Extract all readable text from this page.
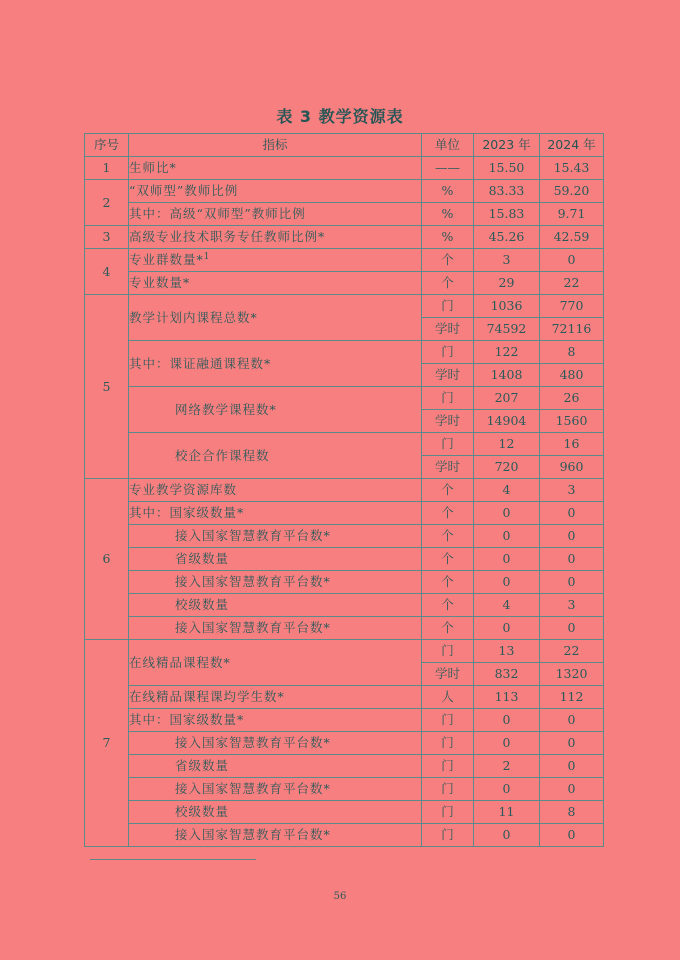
表 3 教学资源表
序号	指标	单位	2023 年	2024 年
1	生师比*	——	15.50	15.43
2	“双师型”教师比例	%	83.33	59.20
	其中：高级“双师型”教师比例	%	15.83	9.71
3	高级专业技术职务专任教师比例*	%	45.26	42.59
4	专业群数量*$^1$	个	3	0
	专业数量*	个	29	22
5	教学计划内课程总数*	门	1036	770
		学时	74592	72116
	其中：课证融通课程数*	门	122	8
		学时	1408	480
	网络教学课程数*	门	207	26
		学时	14904	1560
	校企合作课程数	门	12	16
		学时	720	960
6	专业教学资源库数	个	4	3
	其中：国家级数量*	个	0	0
	接入国家智慧教育平台数*	个	0	0
	省级数量	个	0	0
	接入国家智慧教育平台数*	个	0	0
	校级数量	个	4	3
	接入国家智慧教育平台数*	个	0	0
7	在线精品课程数*	门	13	22
		学时	832	1320
	在线精品课程课均学生数*	人	113	112
	其中：国家级数量*	门	0	0
	接入国家智慧教育平台数*	门	0	0
	省级数量	门	2	0
	接入国家智慧教育平台数*	门	0	0
	校级数量	门	11	8
	接入国家智慧教育平台数*	门	0	0
56
